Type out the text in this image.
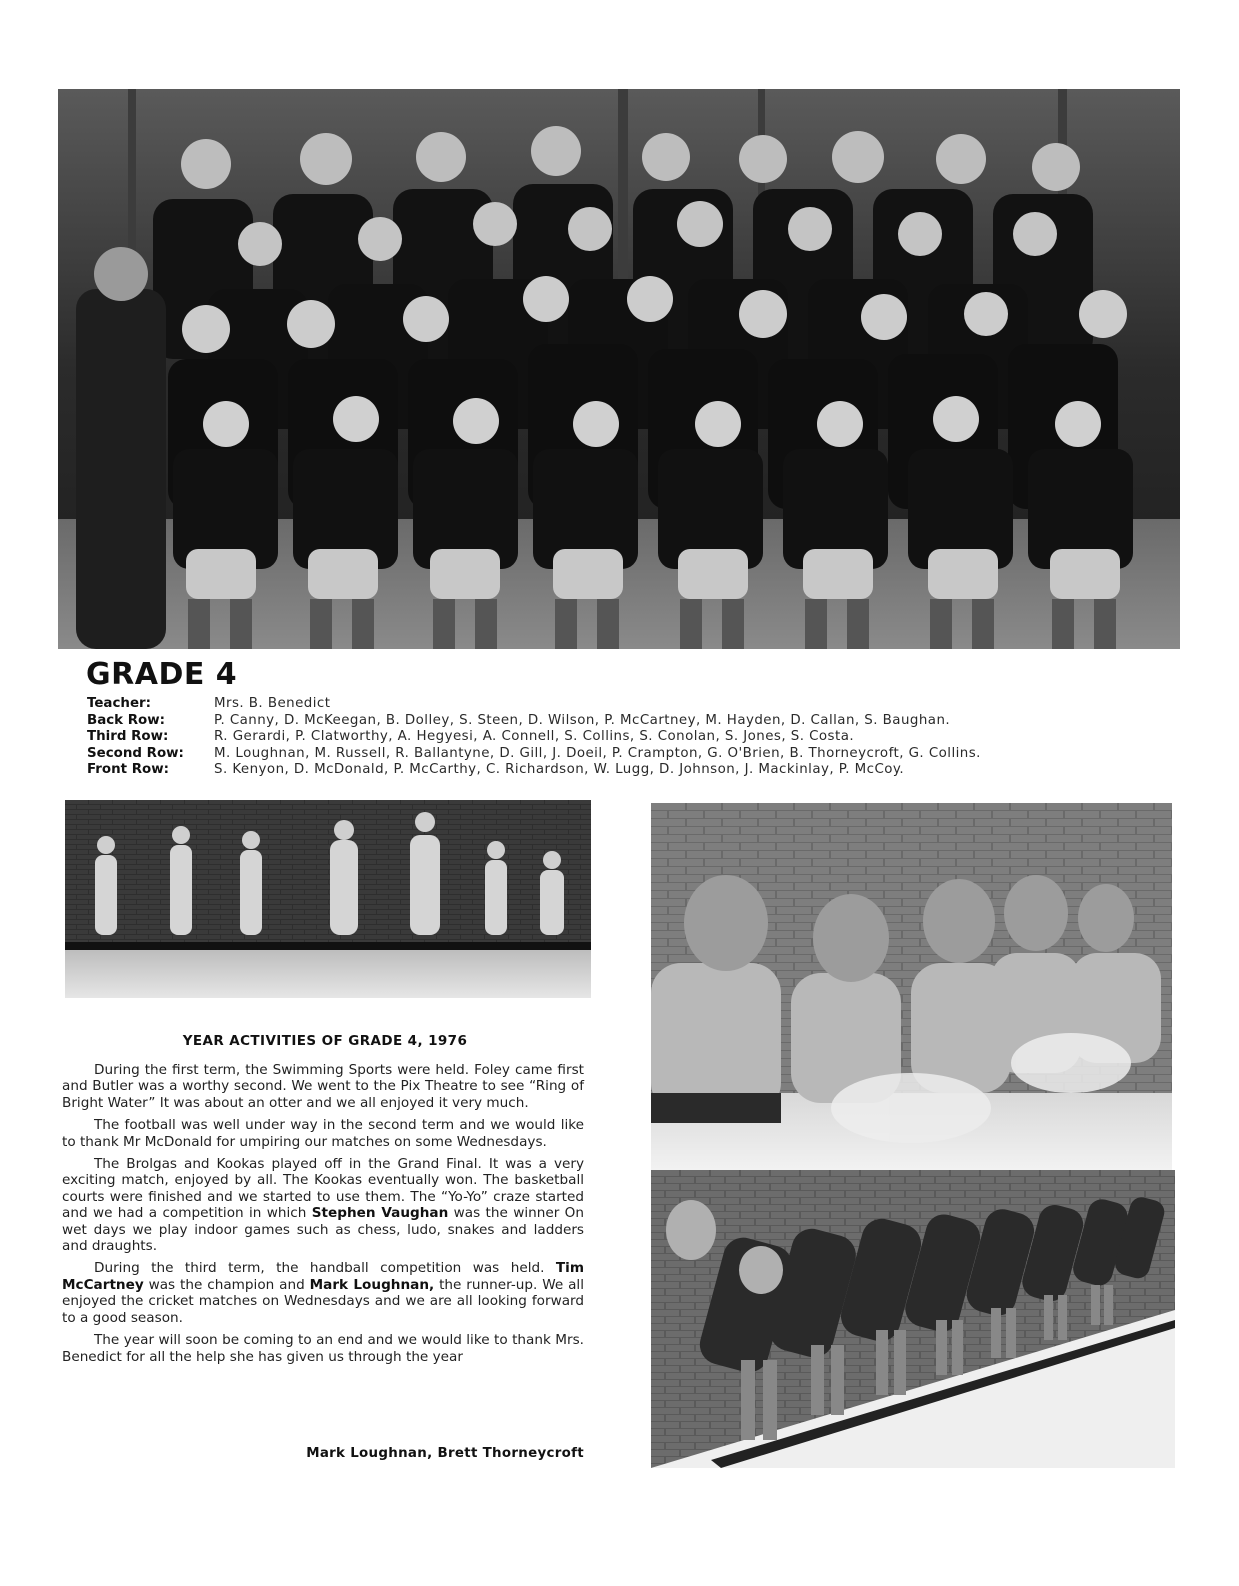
GRADE 4
Teacher:	Mrs. B. Benedict
Back Row:	P. Canny, D. McKeegan, B. Dolley, S. Steen, D. Wilson, P. McCartney, M. Hayden, D. Callan, S. Baughan.
Third Row:	R. Gerardi, P. Clatworthy, A. Hegyesi, A. Connell, S. Collins, S. Conolan, S. Jones, S. Costa.
Second Row:	M. Loughnan, M. Russell, R. Ballantyne, D. Gill, J. Doeil, P. Crampton, G. O'Brien, B. Thorneycroft, G. Collins.
Front Row:	S. Kenyon, D. McDonald, P. McCarthy, C. Richardson, W. Lugg, D. Johnson, J. Mackinlay, P. McCoy.
YEAR ACTIVITIES OF GRADE 4, 1976

During the first term, the Swimming Sports were held. Foley came first and Butler was a worthy second. We went to the Pix Theatre to see “Ring of Bright Water” It was about an otter and we all enjoyed it very much.

The football was well under way in the second term and we would like to thank Mr McDonald for umpiring our matches on some Wednesdays.

The Brolgas and Kookas played off in the Grand Final. It was a very exciting match, enjoyed by all. The Kookas eventually won. The basketball courts were finished and we started to use them. The “Yo-Yo” craze started and we had a competition in which Stephen Vaughan was the winner On wet days we play indoor games such as chess, ludo, snakes and ladders and draughts.

During the third term, the handball competition was held. Tim McCartney was the champion and Mark Loughnan, the runner-up. We all enjoyed the cricket matches on Wednesdays and we are all looking forward to a good season.

The year will soon be coming to an end and we would like to thank Mrs. Benedict for all the help she has given us through the year

Mark Loughnan, Brett Thorneycroft
